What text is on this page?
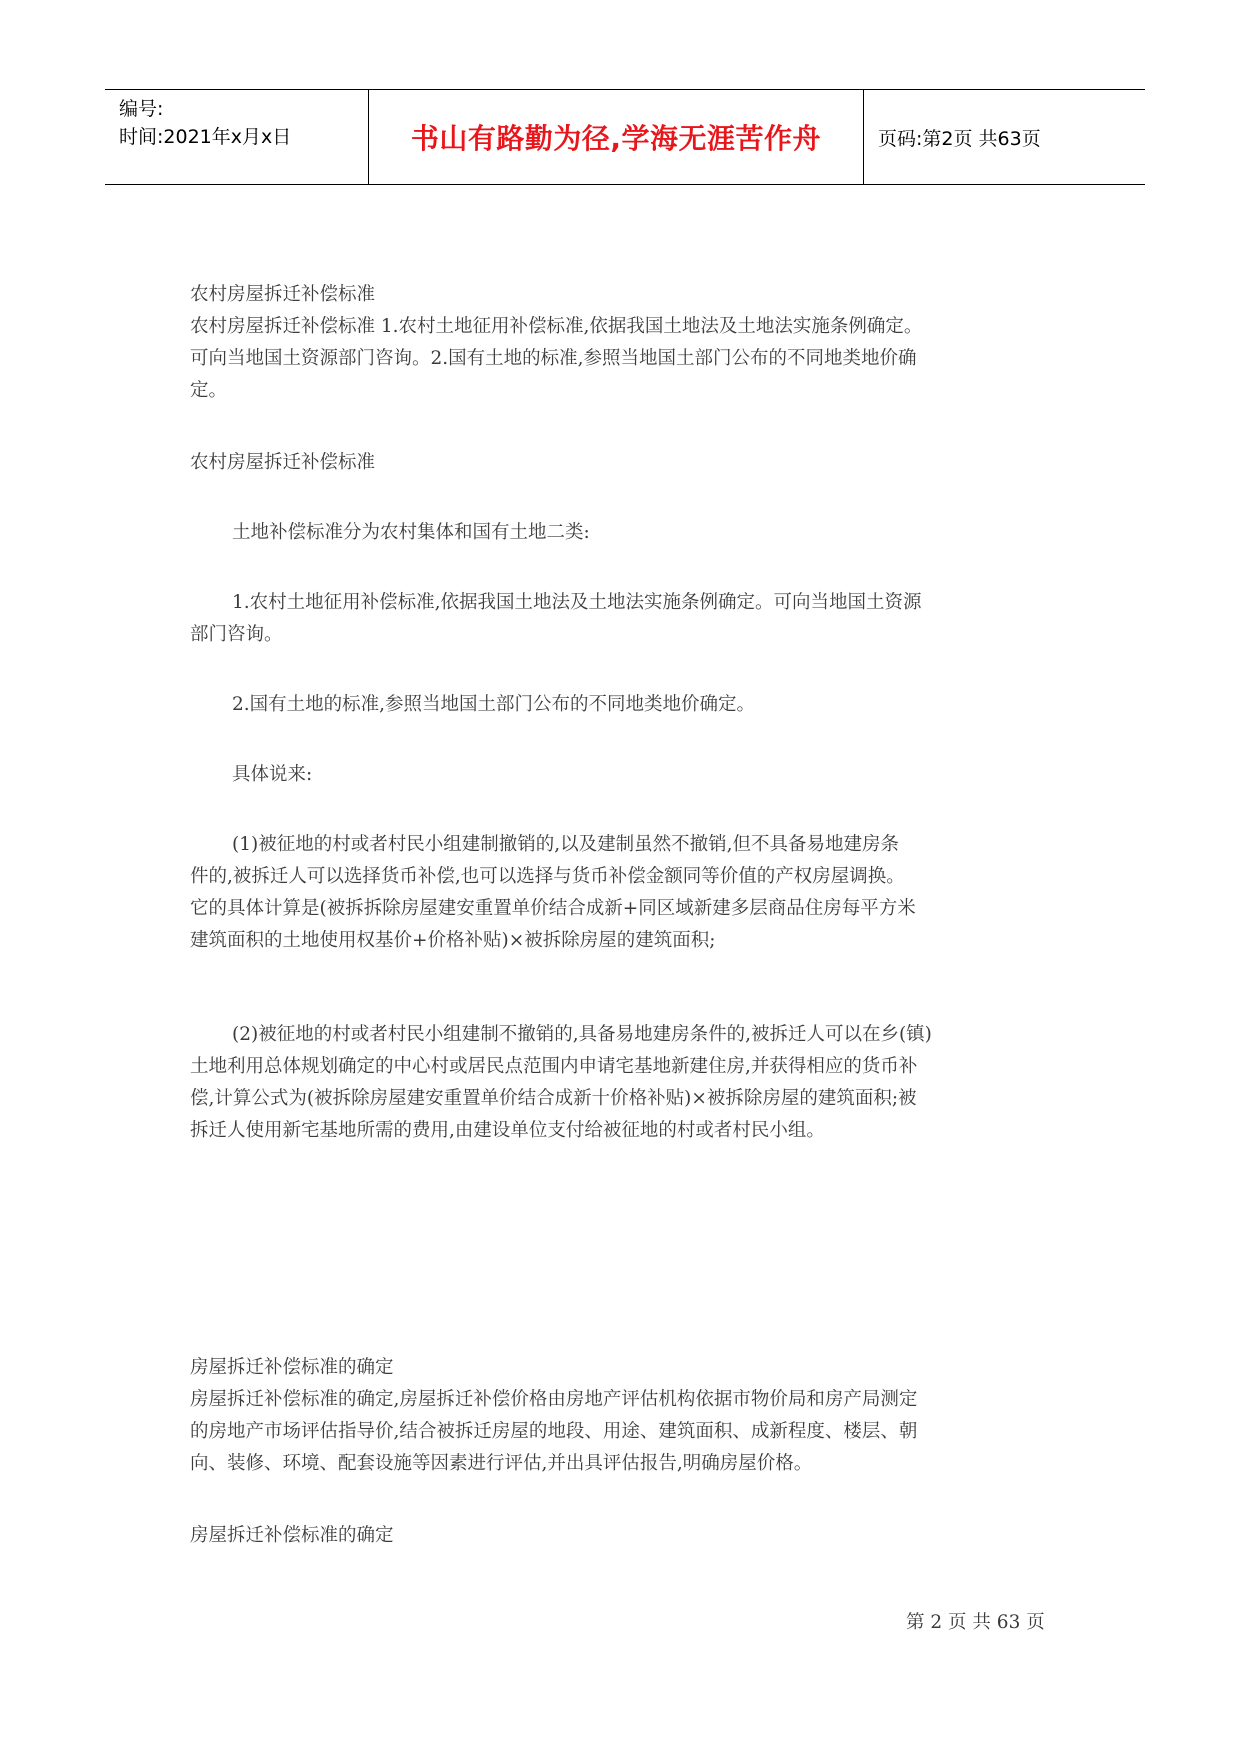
编号:
时间:2021年x月x日	书山有路勤为径,学海无涯苦作舟	页码:第2页 共63页

农村房屋拆迁补偿标准

农村房屋拆迁补偿标准 1.农村土地征用补偿标准,依据我国土地法及土地法实施条例确定。

可向当地国土资源部门咨询。2.国有土地的标准,参照当地国土部门公布的不同地类地价确

定。

农村房屋拆迁补偿标准

土地补偿标准分为农村集体和国有土地二类:

1.农村土地征用补偿标准,依据我国土地法及土地法实施条例确定。可向当地国土资源

部门咨询。

2.国有土地的标准,参照当地国土部门公布的不同地类地价确定。

具体说来:

(1)被征地的村或者村民小组建制撤销的,以及建制虽然不撤销,但不具备易地建房条

件的,被拆迁人可以选择货币补偿,也可以选择与货币补偿金额同等价值的产权房屋调换。

它的具体计算是(被拆拆除房屋建安重置单价结合成新+同区域新建多层商品住房每平方米

建筑面积的土地使用权基价+价格补贴)×被拆除房屋的建筑面积;

(2)被征地的村或者村民小组建制不撤销的,具备易地建房条件的,被拆迁人可以在乡(镇)

土地利用总体规划确定的中心村或居民点范围内申请宅基地新建住房,并获得相应的货币补

偿,计算公式为(被拆除房屋建安重置单价结合成新十价格补贴)×被拆除房屋的建筑面积;被

拆迁人使用新宅基地所需的费用,由建设单位支付给被征地的村或者村民小组。

房屋拆迁补偿标准的确定

房屋拆迁补偿标准的确定,房屋拆迁补偿价格由房地产评估机构依据市物价局和房产局测定

的房地产市场评估指导价,结合被拆迁房屋的地段、用途、建筑面积、成新程度、楼层、朝

向、装修、环境、配套设施等因素进行评估,并出具评估报告,明确房屋价格。

房屋拆迁补偿标准的确定

第 2 页 共 63 页
